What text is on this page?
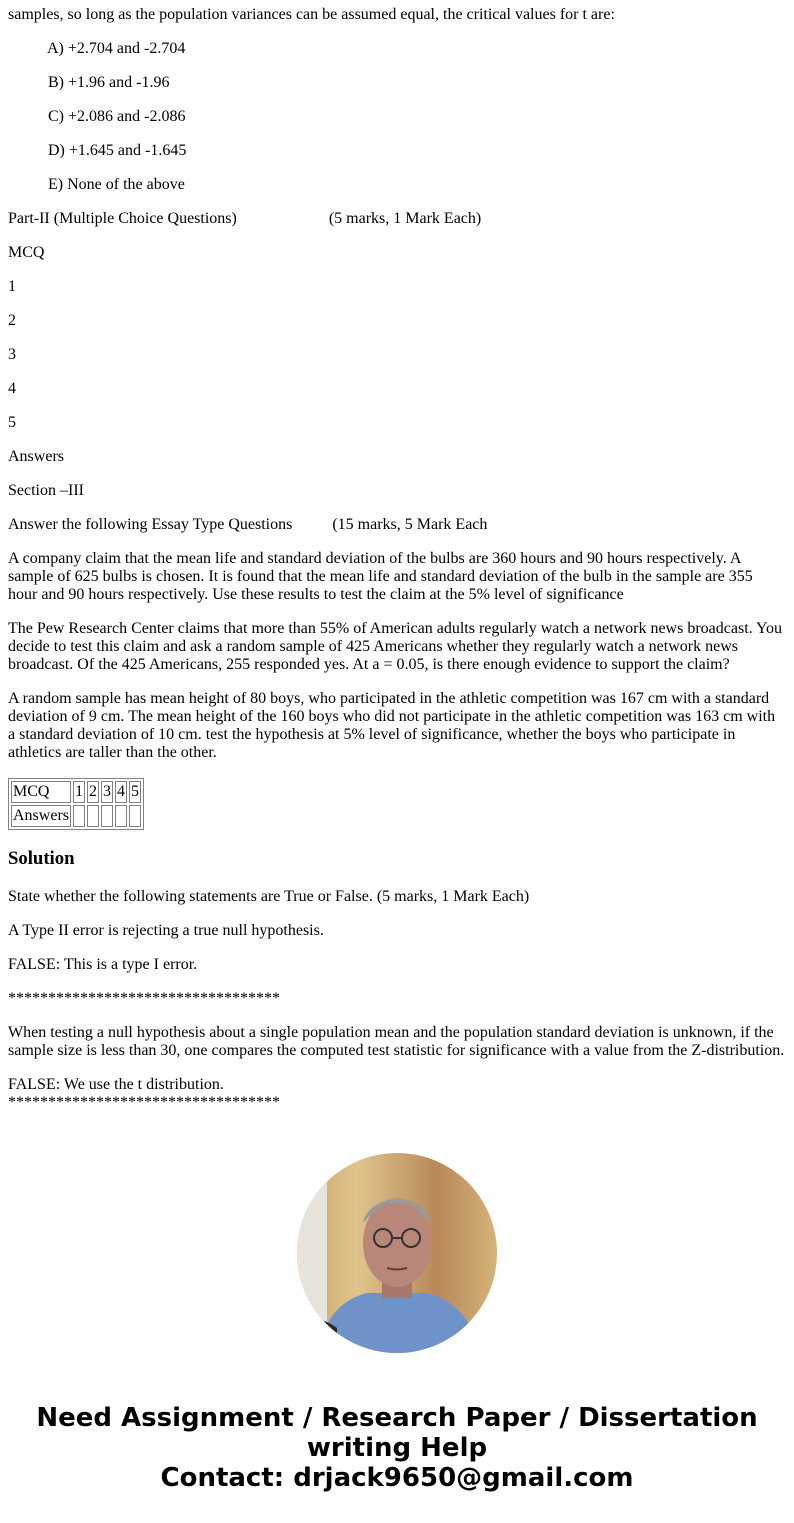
samples, so long as the population variances can be assumed equal, the critical values for t are:

A) +2.704 and -2.704

B) +1.96 and -1.96

C) +2.086 and -2.086

D) +1.645 and -1.645

E) None of the above

Part-II (Multiple Choice Questions)	(5 marks, 1 Mark Each)

MCQ

1

2

3

4

5

Answers

Section –III

Answer the following Essay Type Questions	(15 marks, 5 Mark Each

A company claim that the mean life and standard deviation of the bulbs are 360 hours and 90 hours respectively. A sample of 625 bulbs is chosen. It is found that the mean life and standard deviation of the bulb in the sample are 355 hour and 90 hours respectively. Use these results to test the claim at the 5% level of significance

The Pew Research Center claims that more than 55% of American adults regularly watch a network news broadcast. You decide to test this claim and ask a random sample of 425 Americans whether they regularly watch a network news broadcast. Of the 425 Americans, 255 responded yes. At a = 0.05, is there enough evidence to support the claim?

A random sample has mean height of 80 boys, who participated in the athletic competition was 167 cm with a standard deviation of 9 cm. The mean height of the 160 boys who did not participate in the athletic competition was 163 cm with a standard deviation of 10 cm. test the hypothesis at 5% level of significance, whether the boys who participate in athletics are taller than the other.

MCQ	1	2	3	4	5
Answers					
Solution

State whether the following statements are True or False. (5 marks, 1 Mark Each)

A Type II error is rejecting a true null hypothesis.

FALSE: This is a type I error.

**********************************

When testing a null hypothesis about a single population mean and the population standard deviation is unknown, if the sample size is less than 30, one compares the computed test statistic for significance with a value from the Z-distribution.

FALSE: We use the t distribution.
**********************************

Need Assignment / Research Paper / Dissertation writing Help
Contact: drjack9650@gmail.com
